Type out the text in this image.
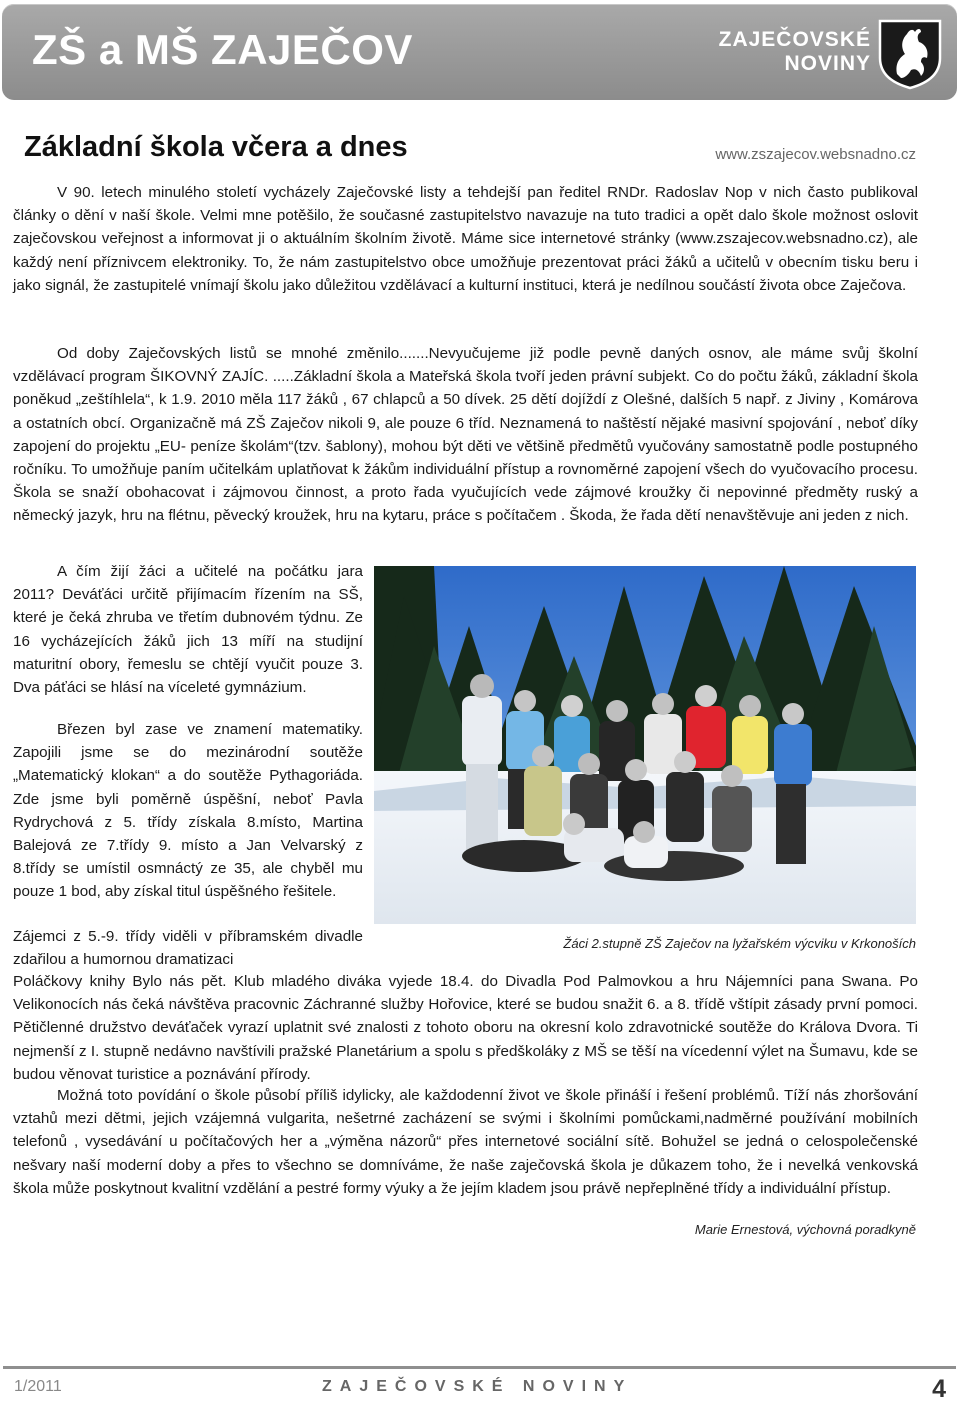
ZŠ a MŠ ZAJEČOV	ZAJEČOVSKÉ
NOVINY
Základní škola včera a dnes	www.zszajecov.websnadno.cz

V 90. letech minulého století vycházely Zaječovské listy a tehdejší pan ředitel RNDr. Radoslav Nop v nich často publikoval články o dění v naší škole. Velmi mne potěšilo, že současné zastupitelstvo navazuje na tuto tradici a opět dalo škole možnost oslovit zaječovskou veřejnost a informovat ji o aktuálním školním životě. Máme sice internetové stránky (www.zszajecov.websnadno.cz), ale každý není příznivcem elektroniky. To, že nám zastupitelstvo obce umožňuje prezentovat práci žáků a učitelů v obecním tisku beru i jako signál, že zastupitelé vnímají školu jako důležitou vzdělávací a kulturní instituci, která je nedílnou součástí života obce Zaječova.

Od doby Zaječovských listů se mnohé změnilo.......Nevyučujeme již podle pevně daných osnov, ale máme svůj školní vzdělávací program ŠIKOVNÝ ZAJÍC. .....Základní škola a Mateřská škola tvoří jeden právní subjekt. Co do počtu žáků, základní škola poněkud „zeštíhlela“, k 1.9. 2010 měla 117 žáků , 67 chlapců a 50 dívek. 25 dětí dojíždí z Olešné, dalších 5 např. z Jiviny , Komárova a ostatních obcí. Organizačně má ZŠ Zaječov nikoli 9, ale pouze 6 tříd. Neznamená to naštěstí nějaké masivní spojování , neboť díky zapojení do projektu „EU- peníze školám“(tzv. šablony), mohou být děti ve většině předmětů vyučovány samostatně podle postupného ročníku. To umožňuje paním učitelkám uplatňovat k žákům individuální přístup a rovnoměrné zapojení všech do vyučovacího procesu. Škola se snaží obohacovat i zájmovou činnost, a proto řada vyučujících vede zájmové kroužky či nepovinné předměty ruský a německý jazyk, hru na flétnu, pěvecký kroužek, hru na kytaru, práce s počítačem . Škoda, že řada dětí nenavštěvuje ani jeden z nich.

A čím žijí žáci a učitelé na počátku jara 2011? Deváťáci určitě přijímacím řízením na SŠ, které je čeká zhruba ve třetím dubnovém týdnu. Ze 16 vycházejících žáků jich 13 míří na studijní maturitní obory, řemeslu se chtějí vyučit pouze 3. Dva páťáci se hlásí na víceleté gymnázium.

Březen byl zase ve znamení matematiky. Zapojili jsme se do mezinárodní soutěže „Matematický klokan“ a do soutěže Pythagoriáda. Zde jsme byli poměrně úspěšní, neboť Pavla Rydrychová z 5. třídy získala 8.místo, Martina Balejová ze 7.třídy 9. místo a Jan Velvarský z 8.třídy se umístil osmnáctý ze 35, ale chyběl mu pouze 1 bod, aby získal titul úspěšného řešitele.

Zájemci z 5.-9. třídy viděli v příbramském divadle zdařilou a humornou dramatizaci

Poláčkovy knihy Bylo nás pět. Klub mladého diváka vyjede 18.4. do Divadla Pod Palmovkou a hru Nájemníci pana Swana. Po Velikonocích nás čeká návštěva pracovnic Záchranné služby Hořovice, které se budou snažit 6. a 8. třídě vštípit zásady první pomoci. Pětičlenné družstvo deváťaček vyrazí uplatnit své znalosti z tohoto oboru na okresní kolo zdravotnické soutěže do Králova Dvora. Ti nejmenší z I. stupně nedávno navštívili pražské Planetárium a spolu s předškoláky z MŠ se těší na vícedenní výlet na Šumavu, kde se budou věnovat turistice a poznávání přírody.

Možná toto povídání o škole působí příliš idylicky, ale každodenní život ve škole přináší i řešení problémů. Tíží nás zhoršování vztahů mezi dětmi, jejich vzájemná vulgarita, nešetrné zacházení se svými i školními pomůckami,nadměrné používání mobilních telefonů , vysedávání u počítačových her a „výměna názorů“ přes internetové sociální sítě. Bohužel se jedná o celospolečenské nešvary naší moderní doby a přes to všechno se domníváme, že naše zaječovská škola je důkazem toho, že i nevelká venkovská škola může poskytnout kvalitní vzdělání a pestré formy výuky a že jejím kladem jsou právě nepřeplněné třídy a individuální přístup.

Žáci 2.stupně ZŠ Zaječov na lyžařském výcviku v Krkonoších
Marie Ernestová, výchovná poradkyně
1/2011	ZAJEČOVSKÉ NOVINY	4
